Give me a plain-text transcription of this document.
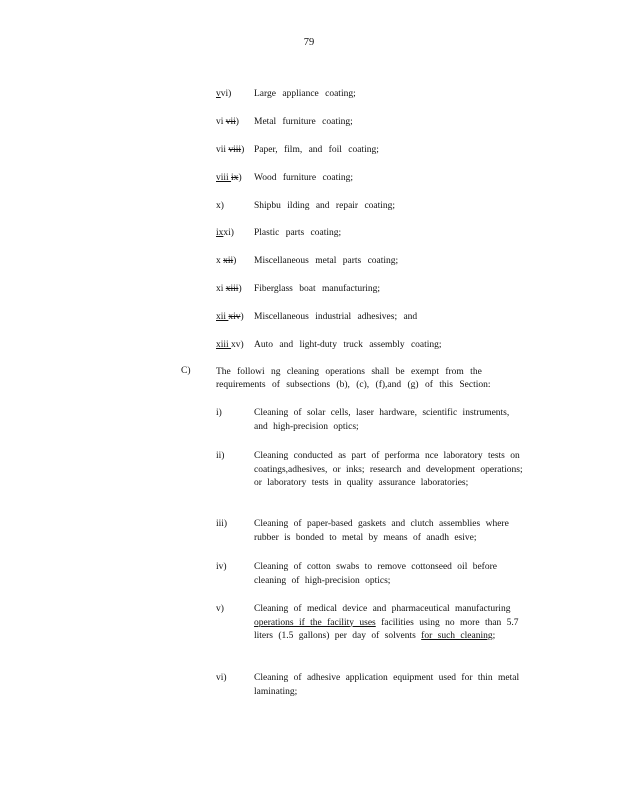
79
vvi) Large appliance coating;
vi vii) Metal furniture coating;
vii viii) Paper, film, and foil coating;
viii ix) Wood furniture coating;
x)	Shipbu ilding and repair coating;
ixxi) Plastic parts coating;
x xii) Miscellaneous metal parts coating;
xi xiii) Fiberglass boat manufacturing;
xii xiv) Miscellaneous industrial adhesives; and
xiii xv) Auto and light-duty truck assembly coating;
C)	The followi ng cleaning operations shall be exempt from the requirements of subsections (b), (c), (f),and (g) of this Section:
i)	Cleaning of solar cells, laser hardware, scientific instruments, and high-precision optics;
ii)	Cleaning conducted as part of performa nce laboratory tests on coatings,adhesives, or inks; research and development operations; or laboratory tests in quality assurance laboratories;
iii)	Cleaning of paper-based gaskets and clutch assemblies where rubber is bonded to metal by means of anadh esive;
iv)	Cleaning of cotton swabs to remove cottonseed oil before cleaning of high-precision optics;
v)	Cleaning of medical device and pharmaceutical manufacturing operations if the facility uses facilities using no more than 5.7 liters (1.5 gallons) per day of solvents for such cleaning;
vi)	Cleaning of adhesive application equipment used for thin metal laminating;
